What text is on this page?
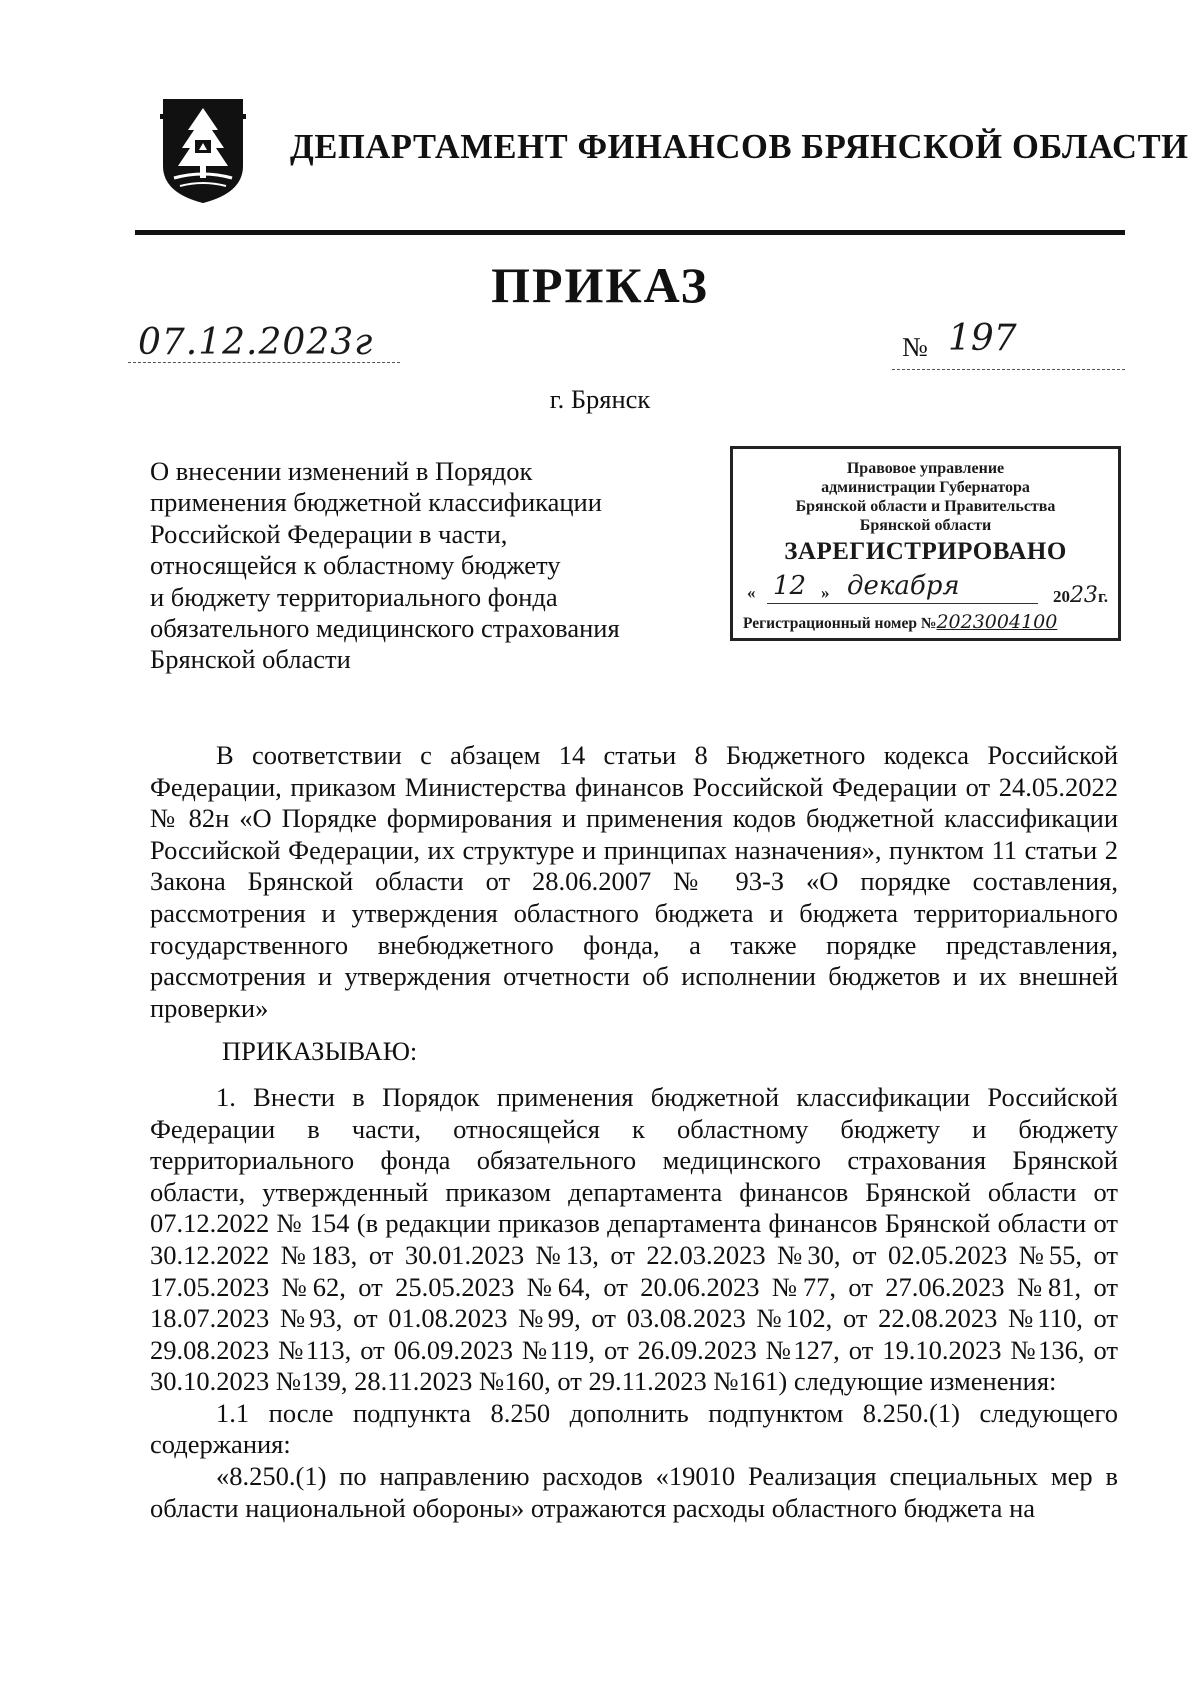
ДЕПАРТАМЕНТ ФИНАНСОВ БРЯНСКОЙ ОБЛАСТИ
ПРИКАЗ
07.12.2023г	№ 197
г. Брянск
О внесении изменений в Порядок
применения бюджетной классификации
Российской Федерации в части,
относящейся к областному бюджету
и бюджету территориального фонда
обязательного медицинского страхования
Брянской области
Правовое управление
администрации Губернатора
Брянской области и Правительства
Брянской области
ЗАРЕГИСТРИРОВАНО
« 12 » декабря	2023г.
Регистрационный номер №2023004100

В соответствии с абзацем 14 статьи 8 Бюджетного кодекса Российской Федерации, приказом Министерства финансов Российской Федерации от 24.05.2022 № 82н «О Порядке формирования и применения кодов бюджетной классификации Российской Федерации, их структуре и принципах назначения», пунктом 11 статьи 2 Закона Брянской области от 28.06.2007 № 93-З «О порядке составления, рассмотрения и утверждения областного бюджета и бюджета территориального государственного внебюджетного фонда, а также порядке представления, рассмотрения и утверждения отчетности об исполнении бюджетов и их внешней проверки»

ПРИКАЗЫВАЮ:

1. Внести в Порядок применения бюджетной классификации Российской Федерации в части, относящейся к областному бюджету и бюджету территориального фонда обязательного медицинского страхования Брянской области, утвержденный приказом департамента финансов Брянской области от 07.12.2022 № 154 (в редакции приказов департамента финансов Брянской области от 30.12.2022 №183, от 30.01.2023 №13, от 22.03.2023 №30, от 02.05.2023 №55, от 17.05.2023 №62, от 25.05.2023 №64, от 20.06.2023 №77, от 27.06.2023 №81, от 18.07.2023 №93, от 01.08.2023 №99, от 03.08.2023 №102, от 22.08.2023 №110, от 29.08.2023 №113, от 06.09.2023 №119, от 26.09.2023 №127, от 19.10.2023 №136, от 30.10.2023 №139, 28.11.2023 №160, от 29.11.2023 №161) следующие изменения:

1.1 после подпункта 8.250 дополнить подпунктом 8.250.(1) следующего содержания:

«8.250.(1) по направлению расходов «19010 Реализация специальных мер в области национальной обороны» отражаются расходы областного бюджета на
